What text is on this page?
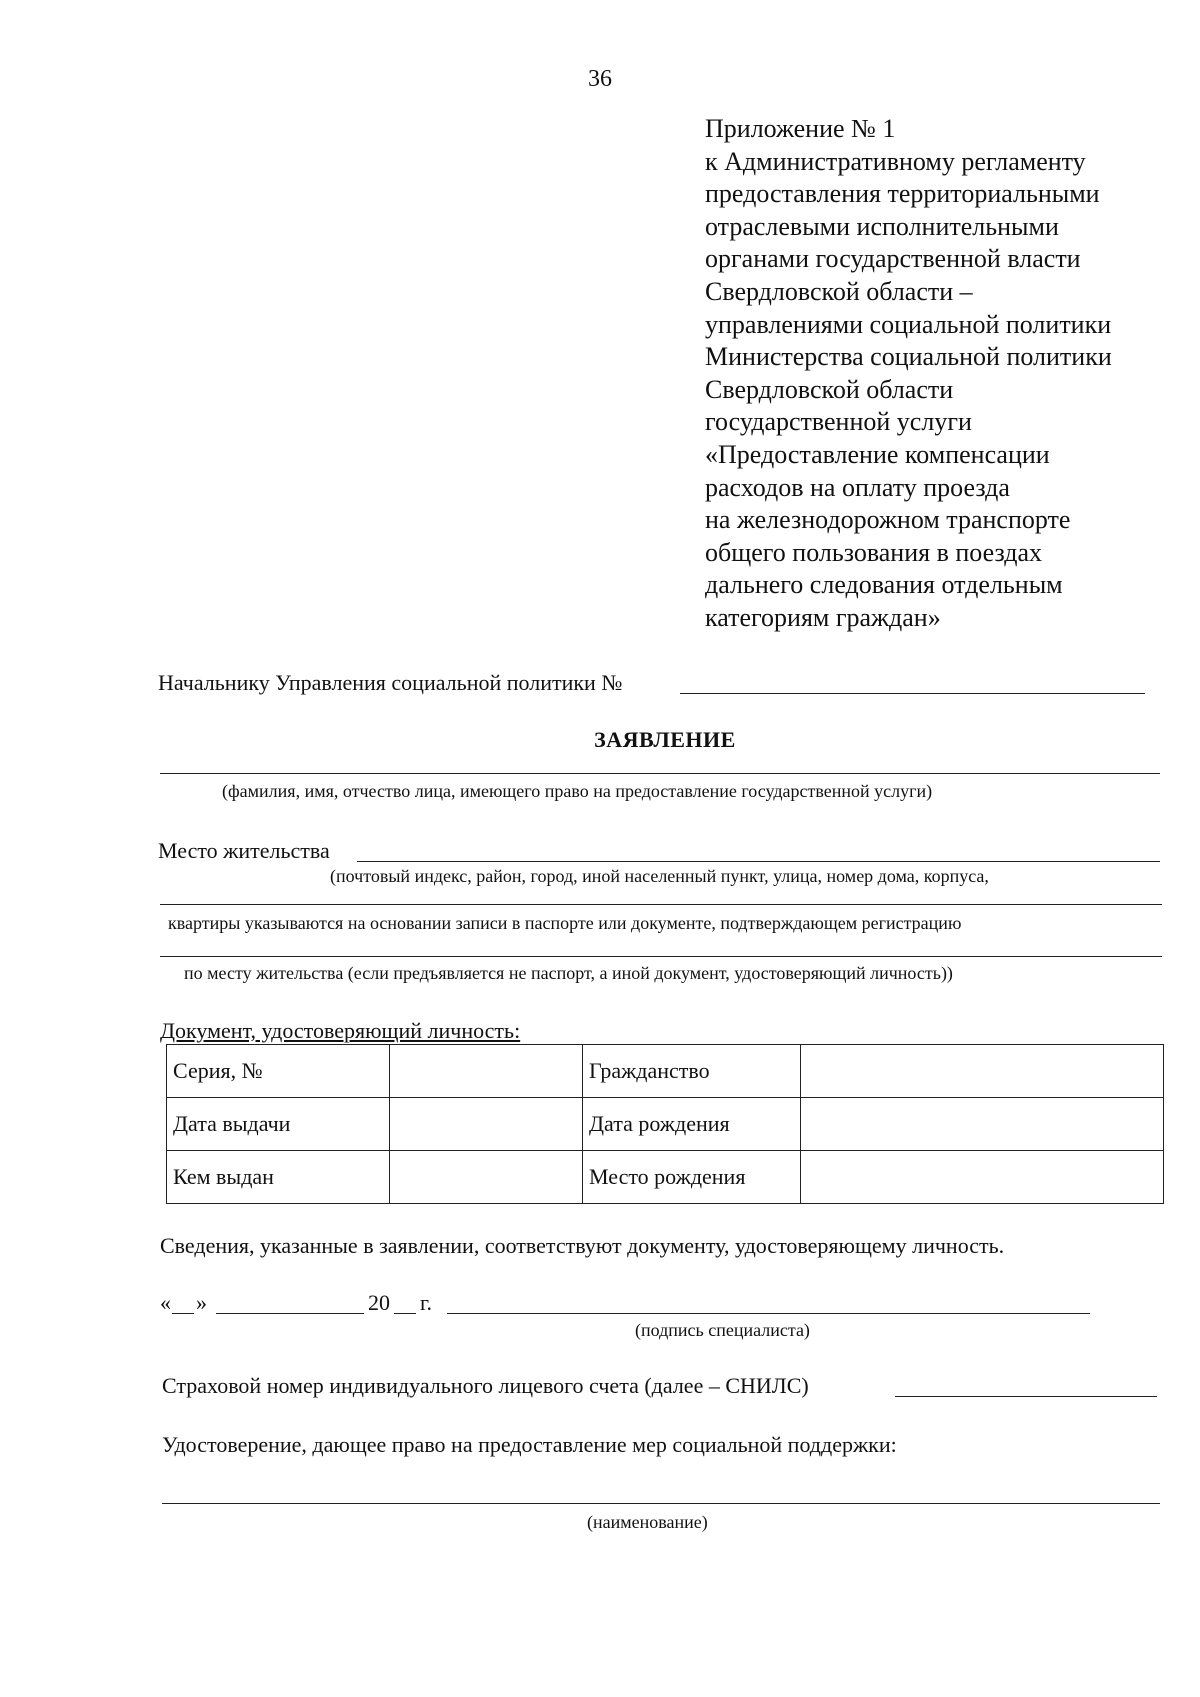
36
Приложение № 1
к Административному регламенту
предоставления территориальными
отраслевыми исполнительными
органами государственной власти
Свердловской области –
управлениями социальной политики
Министерства социальной политики
Свердловской области
государственной услуги
«Предоставление компенсации
расходов на оплату проезда
на железнодорожном транспорте
общего пользования в поездах
дальнего следования отдельным
категориям граждан»
Начальнику Управления социальной политики №
ЗАЯВЛЕНИЕ
(фамилия, имя, отчество лица, имеющего право на предоставление государственной услуги)
Место жительства
(почтовый индекс, район, город, иной населенный пункт, улица, номер дома, корпуса,
квартиры указываются на основании записи в паспорте или документе, подтверждающем регистрацию
по месту жительства (если предъявляется не паспорт, а иной документ, удостоверяющий личность))
Документ, удостоверяющий личность:
Серия, №		Гражданство	
Дата выдачи		Дата рождения	
Кем выдан		Место рождения	
Сведения, указанные в заявлении, соответствуют документу, удостоверяющему личность.
« »	20 г.
(подпись специалиста)
Страховой номер индивидуального лицевого счета (далее – СНИЛС)
Удостоверение, дающее право на предоставление мер социальной поддержки:
(наименование)
